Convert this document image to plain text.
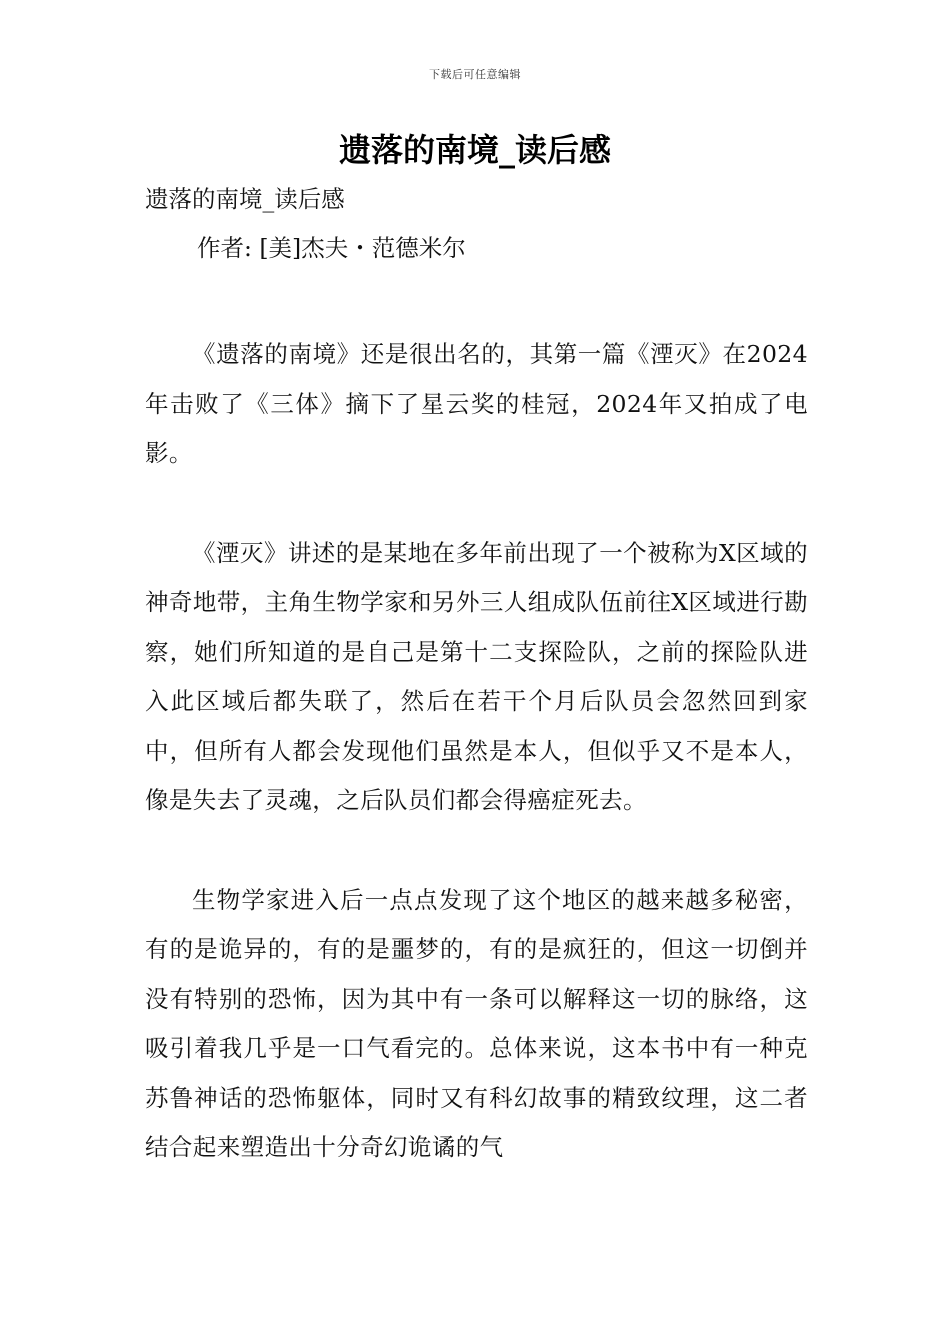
下载后可任意编辑
遗落的南境_读后感

遗落的南境_读后感

作者: [美]杰夫・范德米尔

《遗落的南境》还是很出名的，其第一篇《湮灭》在2024年击败了《三体》摘下了星云奖的桂冠，2024年又拍成了电影。

《湮灭》讲述的是某地在多年前出现了一个被称为X区域的神奇地带，主角生物学家和另外三人组成队伍前往X区域进行勘察，她们所知道的是自己是第十二支探险队，之前的探险队进入此区域后都失联了，然后在若干个月后队员会忽然回到家中，但所有人都会发现他们虽然是本人，但似乎又不是本人，像是失去了灵魂，之后队员们都会得癌症死去。

生物学家进入后一点点发现了这个地区的越来越多秘密，有的是诡异的，有的是噩梦的，有的是疯狂的，但这一切倒并没有特别的恐怖，因为其中有一条可以解释这一切的脉络，这吸引着我几乎是一口气看完的。总体来说，这本书中有一种克苏鲁神话的恐怖躯体，同时又有科幻故事的精致纹理，这二者结合起来塑造出十分奇幻诡谲的气
